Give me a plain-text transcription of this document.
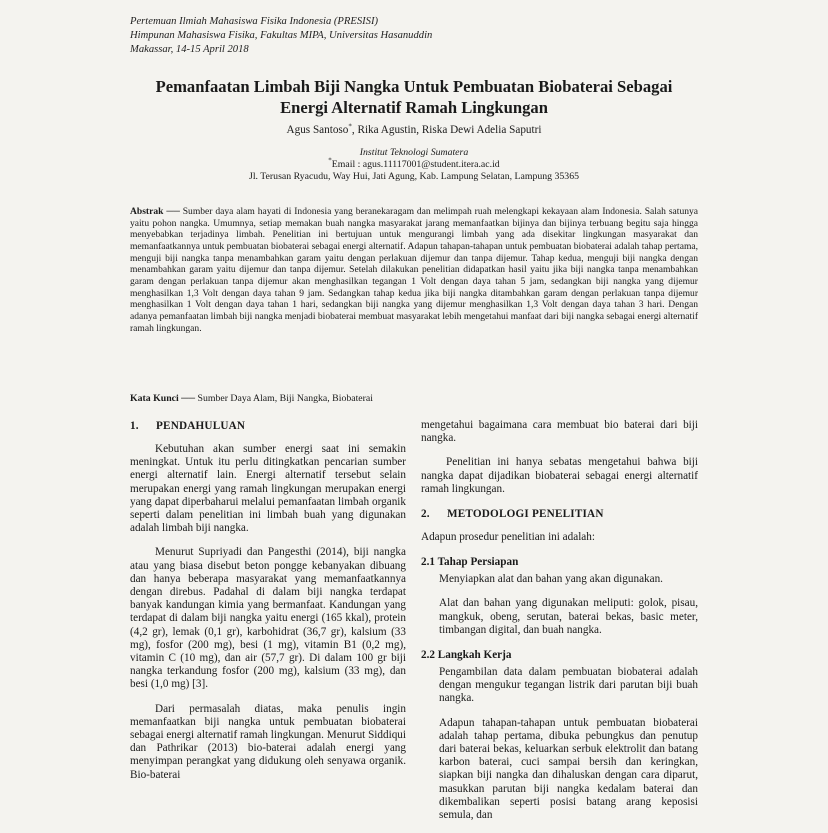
Pertemuan Ilmiah Mahasiswa Fisika Indonesia (PRESISI)
Himpunan Mahasiswa Fisika, Fakultas MIPA, Universitas Hasanuddin
Makassar, 14-15 April 2018
Pemanfaatan Limbah Biji Nangka Untuk Pembuatan Biobaterai Sebagai
Energi Alternatif Ramah Lingkungan
Agus Santoso*, Rika Agustin, Riska Dewi Adelia Saputri
Institut Teknologi Sumatera
*Email : agus.11117001@student.itera.ac.id
Jl. Terusan Ryacudu, Way Hui, Jati Agung, Kab. Lampung Selatan, Lampung 35365
Abstrak ── Sumber daya alam hayati di Indonesia yang beranekaragam dan melimpah ruah melengkapi kekayaan alam Indonesia. Salah satunya yaitu pohon nangka. Umumnya, setiap memakan buah nangka masyarakat jarang memanfaatkan bijinya dan bijinya terbuang begitu saja hingga menyebabkan terjadinya limbah. Penelitian ini bertujuan untuk mengurangi limbah yang ada disekitar lingkungan masyarakat dan memanfaatkannya untuk pembuatan biobaterai sebagai energi alternatif. Adapun tahapan-tahapan untuk pembuatan biobaterai adalah tahap pertama, menguji biji nangka tanpa menambahkan garam yaitu dengan perlakuan dijemur dan tanpa dijemur. Tahap kedua, menguji biji nangka dengan menambahkan garam yaitu dijemur dan tanpa dijemur. Setelah dilakukan penelitian didapatkan hasil yaitu jika biji nangka tanpa menambahkan garam dengan perlakuan tanpa dijemur akan menghasilkan tegangan 1 Volt dengan daya tahan 5 jam, sedangkan biji nangka yang dijemur menghasilkan 1,3 Volt dengan daya tahan 9 jam. Sedangkan tahap kedua jika biji nangka ditambahkan garam dengan perlakuan tanpa dijemur menghasilkan 1 Volt dengan daya tahan 1 hari, sedangkan biji nangka yang dijemur menghasilkan 1,3 Volt dengan daya tahan 3 hari. Dengan adanya pemanfaatan limbah biji nangka menjadi biobaterai membuat masyarakat lebih mengetahui manfaat dari biji nangka sebagai energi alternatif ramah lingkungan.
Kata Kunci ── Sumber Daya Alam, Biji Nangka, Biobaterai
1. PENDAHULUAN

Kebutuhan akan sumber energi saat ini semakin meningkat. Untuk itu perlu ditingkatkan pencarian sumber energi alternatif lain. Energi alternatif tersebut selain merupakan energi yang ramah lingkungan merupakan energi yang dapat diperbaharui melalui pemanfaatan limbah organik seperti dalam penelitian ini limbah buah yang digunakan adalah limbah biji nangka.

Menurut Supriyadi dan Pangesthi (2014), biji nangka atau yang biasa disebut beton pongge kebanyakan dibuang dan hanya beberapa masyarakat yang memanfaatkannya dengan direbus. Padahal di dalam biji nangka terdapat banyak kandungan kimia yang bermanfaat. Kandungan yang terdapat di dalam biji nangka yaitu energi (165 kkal), protein (4,2 gr), lemak (0,1 gr), karbohidrat (36,7 gr), kalsium (33 mg), fosfor (200 mg), besi (1 mg), vitamin B1 (0,2 mg), vitamin C (10 mg), dan air (57,7 gr). Di dalam 100 gr biji nangka terkandung fosfor (200 mg), kalsium (33 mg), dan besi (1,0 mg) [3].

Dari permasalah diatas, maka penulis ingin memanfaatkan biji nangka untuk pembuatan biobaterai sebagai energi alternatif ramah lingkungan. Menurut Siddiqui dan Pathrikar (2013) bio-baterai adalah energi yang menyimpan perangkat yang didukung oleh senyawa organik. Bio-baterai

mengetahui bagaimana cara membuat bio baterai dari biji nangka.

Penelitian ini hanya sebatas mengetahui bahwa biji nangka dapat dijadikan biobaterai sebagai energi alternatif ramah lingkungan.

2. METODOLOGI PENELITIAN

Adapun prosedur penelitian ini adalah:

2.1 Tahap Persiapan

Menyiapkan alat dan bahan yang akan digunakan.

Alat dan bahan yang digunakan meliputi: golok, pisau, mangkuk, obeng, serutan, baterai bekas, basic meter, timbangan digital, dan buah nangka.

2.2 Langkah Kerja

Pengambilan data dalam pembuatan biobaterai adalah dengan mengukur tegangan listrik dari parutan biji buah nangka.

Adapun tahapan-tahapan untuk pembuatan biobaterai adalah tahap pertama, dibuka pebungkus dan penutup dari baterai bekas, keluarkan serbuk elektrolit dan batang karbon baterai, cuci sampai bersih dan keringkan, siapkan biji nangka dan dihaluskan dengan cara diparut, masukkan parutan biji nangka kedalam baterai dan dikembalikan seperti posisi batang arang keposisi semula, dan
